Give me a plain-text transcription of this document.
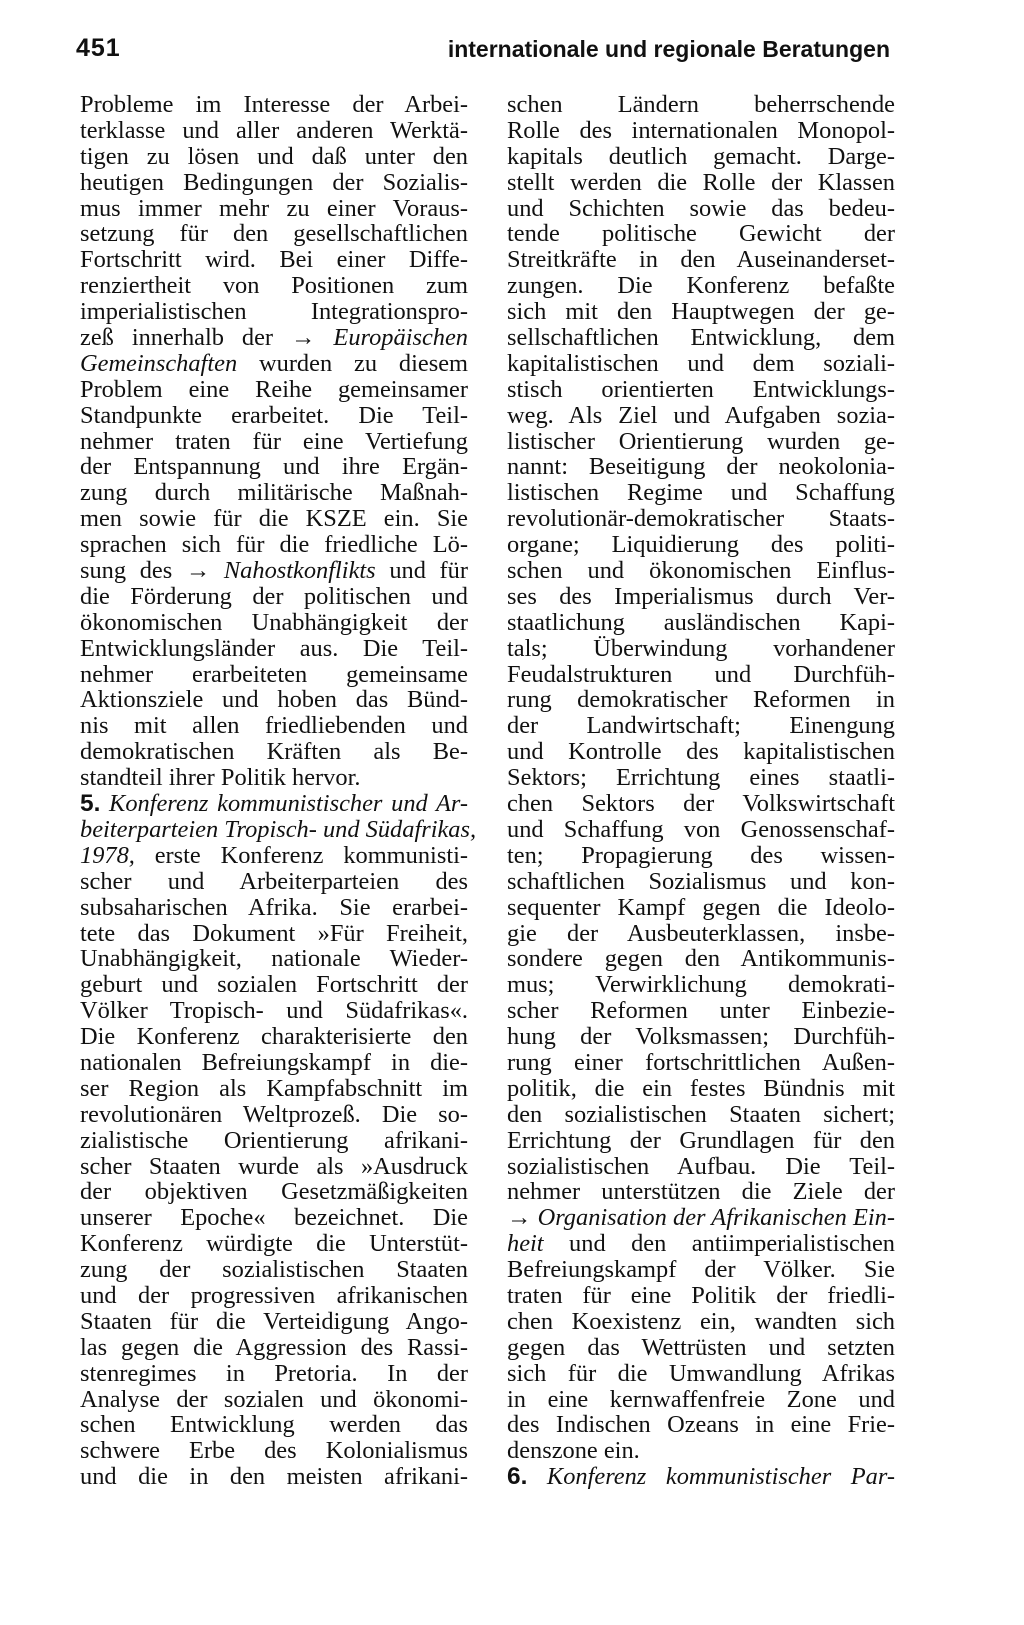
451	internationale und regionale Beratungen
Probleme im Interesse der Arbei-
terklasse und aller anderen Werktä-
tigen zu lösen und daß unter den
heutigen Bedingungen der Sozialis-
mus immer mehr zu einer Voraus-
setzung für den gesellschaftlichen
Fortschritt wird. Bei einer Diffe-
renziertheit von Positionen zum
imperialistischen Integrationspro-
zeß innerhalb der → Europäischen
Gemeinschaften wurden zu diesem
Problem eine Reihe gemeinsamer
Standpunkte erarbeitet. Die Teil-
nehmer traten für eine Vertiefung
der Entspannung und ihre Ergän-
zung durch militärische Maßnah-
men sowie für die KSZE ein. Sie
sprachen sich für die friedliche Lö-
sung des → Nahostkonflikts und für
die Förderung der politischen und
ökonomischen Unabhängigkeit der
Entwicklungsländer aus. Die Teil-
nehmer erarbeiteten gemeinsame
Aktionsziele und hoben das Bünd-
nis mit allen friedliebenden und
demokratischen Kräften als Be-
standteil ihrer Politik hervor.
5. Konferenz kommunistischer und Ar-
beiterparteien Tropisch- und Südafrikas,
1978, erste Konferenz kommunisti-
scher und Arbeiterparteien des
subsaharischen Afrika. Sie erarbei-
tete das Dokument »Für Freiheit,
Unabhängigkeit, nationale Wieder-
geburt und sozialen Fortschritt der
Völker Tropisch- und Südafrikas«.
Die Konferenz charakterisierte den
nationalen Befreiungskampf in die-
ser Region als Kampfabschnitt im
revolutionären Weltprozeß. Die so-
zialistische Orientierung afrikani-
scher Staaten wurde als »Ausdruck
der objektiven Gesetzmäßigkeiten
unserer Epoche« bezeichnet. Die
Konferenz würdigte die Unterstüt-
zung der sozialistischen Staaten
und der progressiven afrikanischen
Staaten für die Verteidigung Ango-
las gegen die Aggression des Rassi-
stenregimes in Pretoria. In der
Analyse der sozialen und ökonomi-
schen Entwicklung werden das
schwere Erbe des Kolonialismus
und die in den meisten afrikani-
schen Ländern beherrschende
Rolle des internationalen Monopol-
kapitals deutlich gemacht. Darge-
stellt werden die Rolle der Klassen
und Schichten sowie das bedeu-
tende politische Gewicht der
Streitkräfte in den Auseinanderset-
zungen. Die Konferenz befaßte
sich mit den Hauptwegen der ge-
sellschaftlichen Entwicklung, dem
kapitalistischen und dem soziali-
stisch orientierten Entwicklungs-
weg. Als Ziel und Aufgaben sozia-
listischer Orientierung wurden ge-
nannt: Beseitigung der neokolonia-
listischen Regime und Schaffung
revolutionär-demokratischer Staats-
organe; Liquidierung des politi-
schen und ökonomischen Einflus-
ses des Imperialismus durch Ver-
staatlichung ausländischen Kapi-
tals; Überwindung vorhandener
Feudalstrukturen und Durchfüh-
rung demokratischer Reformen in
der Landwirtschaft; Einengung
und Kontrolle des kapitalistischen
Sektors; Errichtung eines staatli-
chen Sektors der Volkswirtschaft
und Schaffung von Genossenschaf-
ten; Propagierung des wissen-
schaftlichen Sozialismus und kon-
sequenter Kampf gegen die Ideolo-
gie der Ausbeuterklassen, insbe-
sondere gegen den Antikommunis-
mus; Verwirklichung demokrati-
scher Reformen unter Einbezie-
hung der Volksmassen; Durchfüh-
rung einer fortschrittlichen Außen-
politik, die ein festes Bündnis mit
den sozialistischen Staaten sichert;
Errichtung der Grundlagen für den
sozialistischen Aufbau. Die Teil-
nehmer unterstützen die Ziele der
→ Organisation der Afrikanischen Ein-
heit und den antiimperialistischen
Befreiungskampf der Völker. Sie
traten für eine Politik der friedli-
chen Koexistenz ein, wandten sich
gegen das Wettrüsten und setzten
sich für die Umwandlung Afrikas
in eine kernwaffenfreie Zone und
des Indischen Ozeans in eine Frie-
denszone ein.
6. Konferenz kommunistischer Par-
